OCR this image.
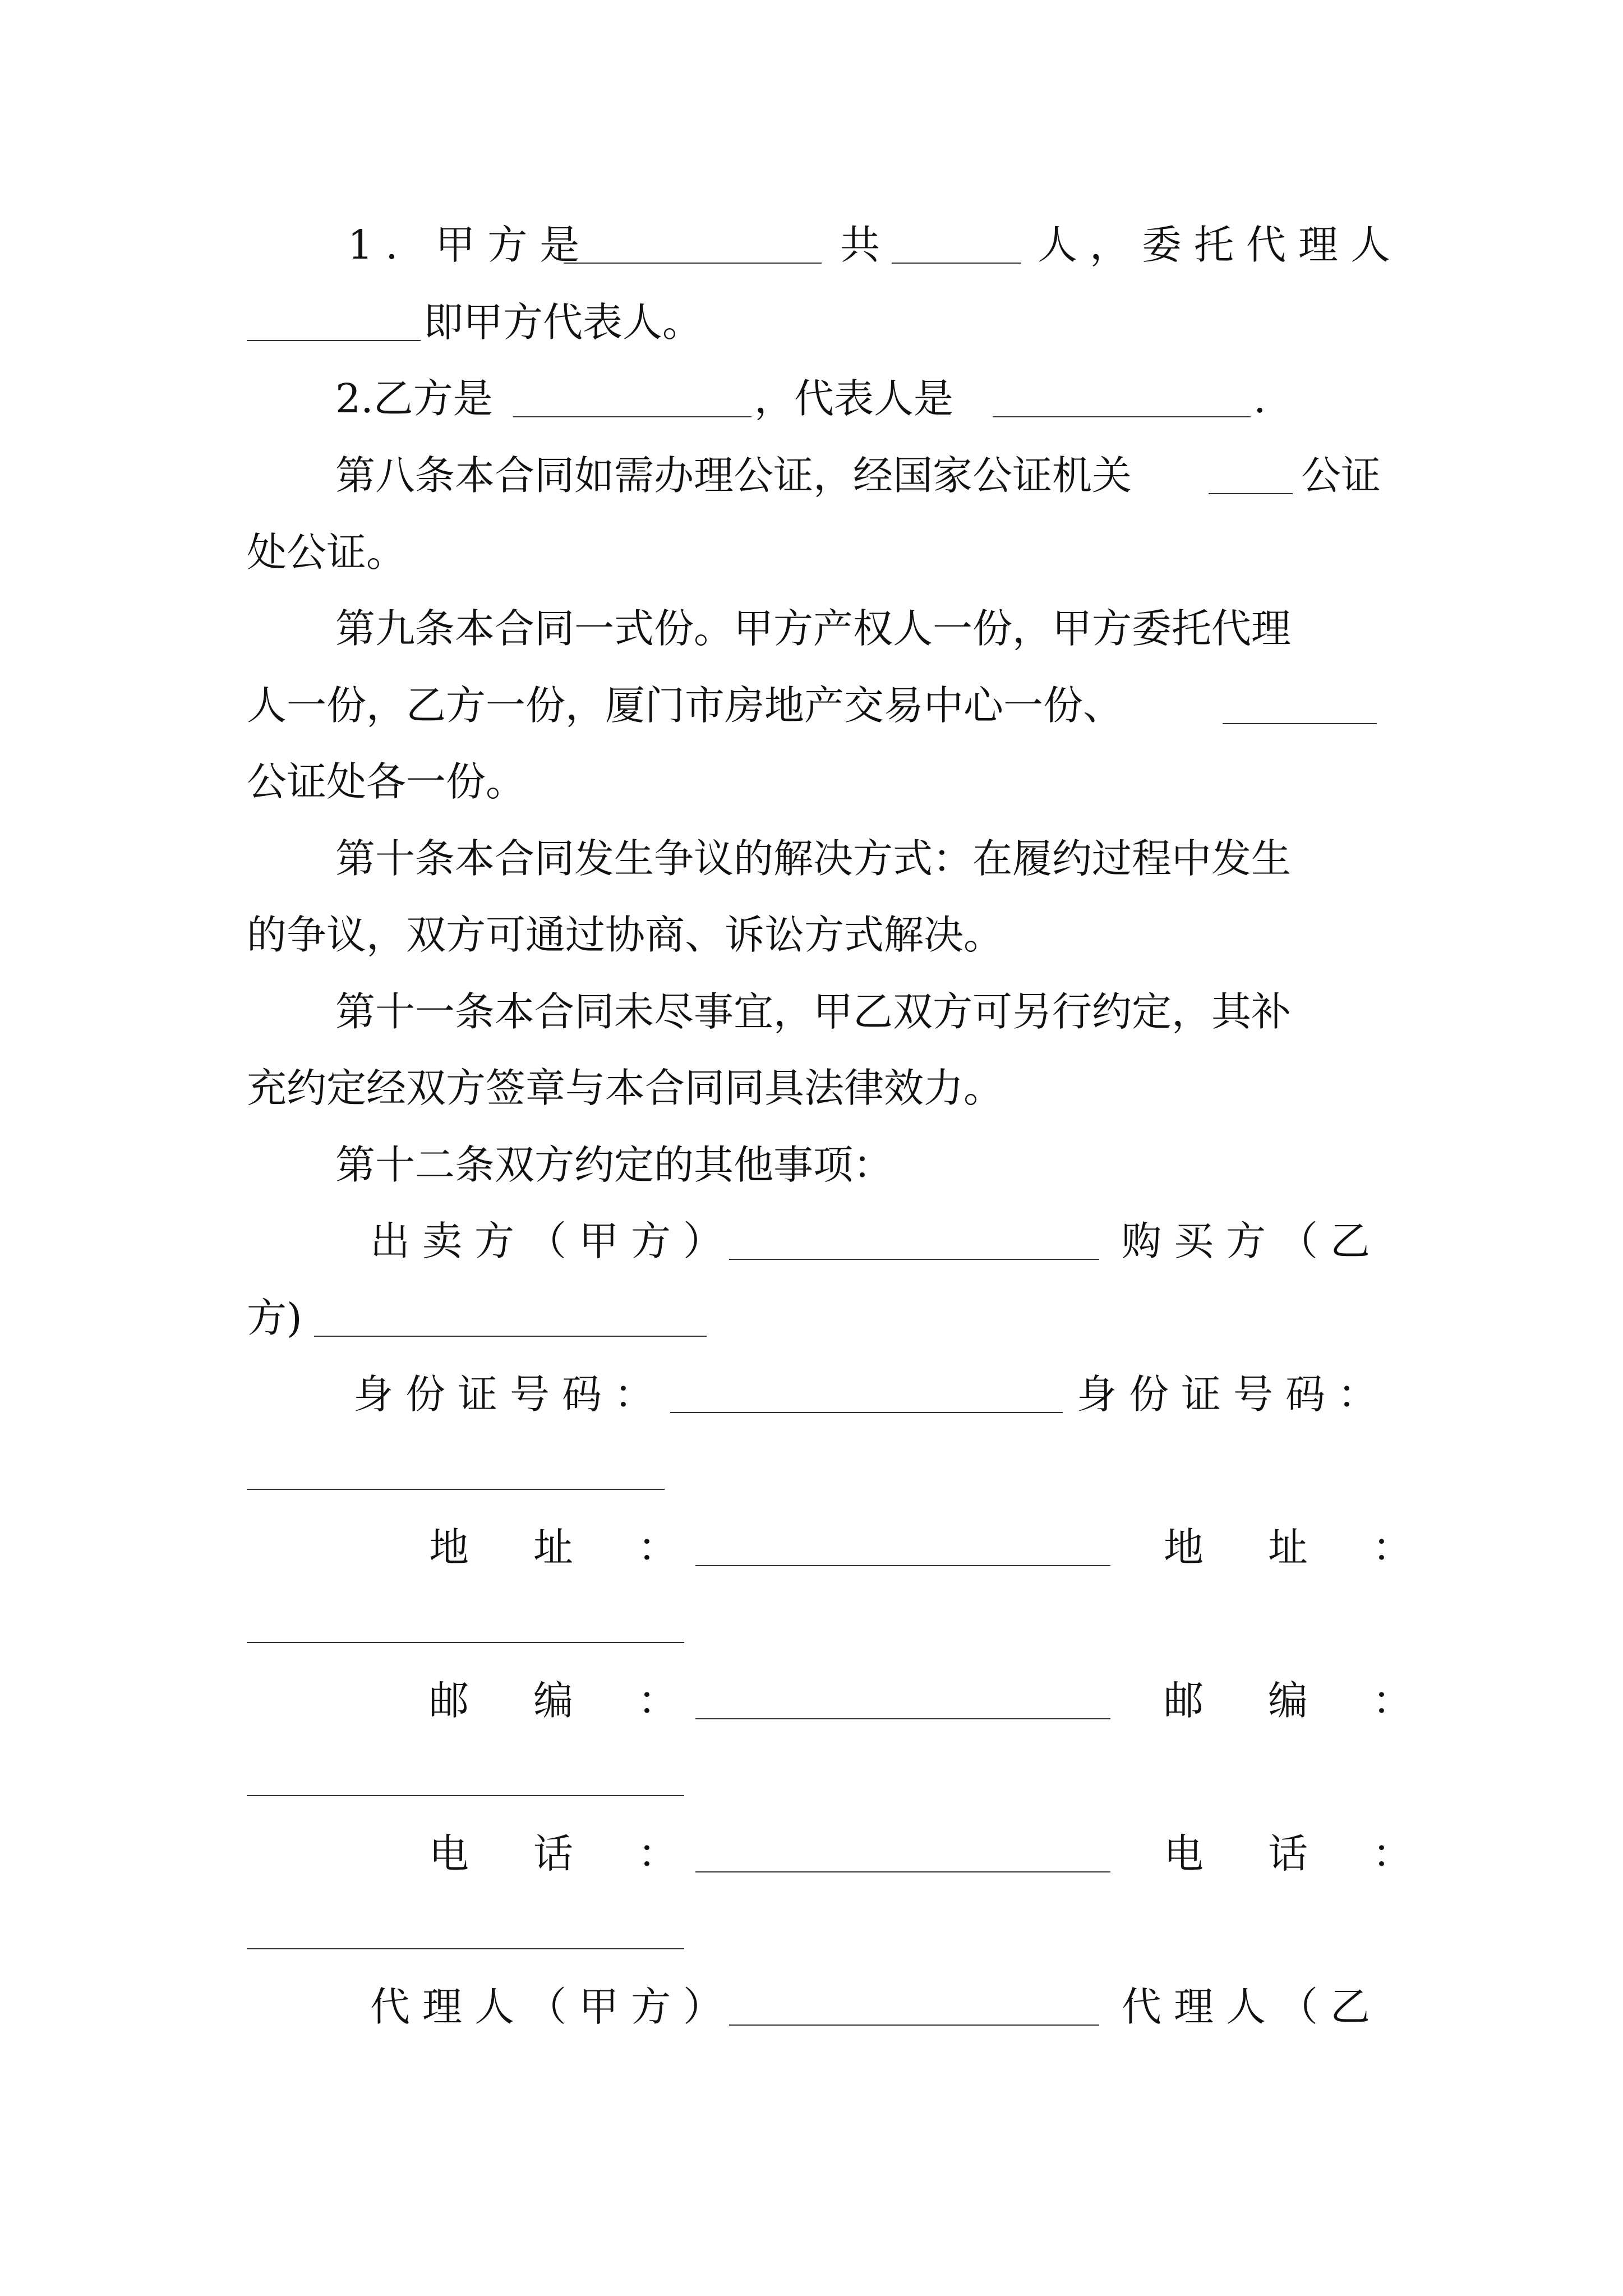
1. 甲方是	共	人，委托代理人
即甲方代表人。
2.乙方是	，代表人是	.
第八条本合同如需办理公证，经国家公证机关	公证
处公证。
第九条本合同一式份。甲方产权人一份，甲方委托代理
人一份，乙方一份，厦门市房地产交易中心一份、
公证处各一份。
第十条本合同发生争议的解决方式：在履约过程中发生
的争议，双方可通过协商、诉讼方式解决。
第十一条本合同未尽事宜，甲乙双方可另行约定，其补
充约定经双方签章与本合同同具法律效力。
第十二条双方约定的其他事项：
出卖方（甲方）	购买方（乙
方)
身份证号码：	身份证号码：
地　址　：	地　址　：
邮　编　：	邮　编　：
电　话　：	电　话　：
代理人（甲方）	代理人（乙
